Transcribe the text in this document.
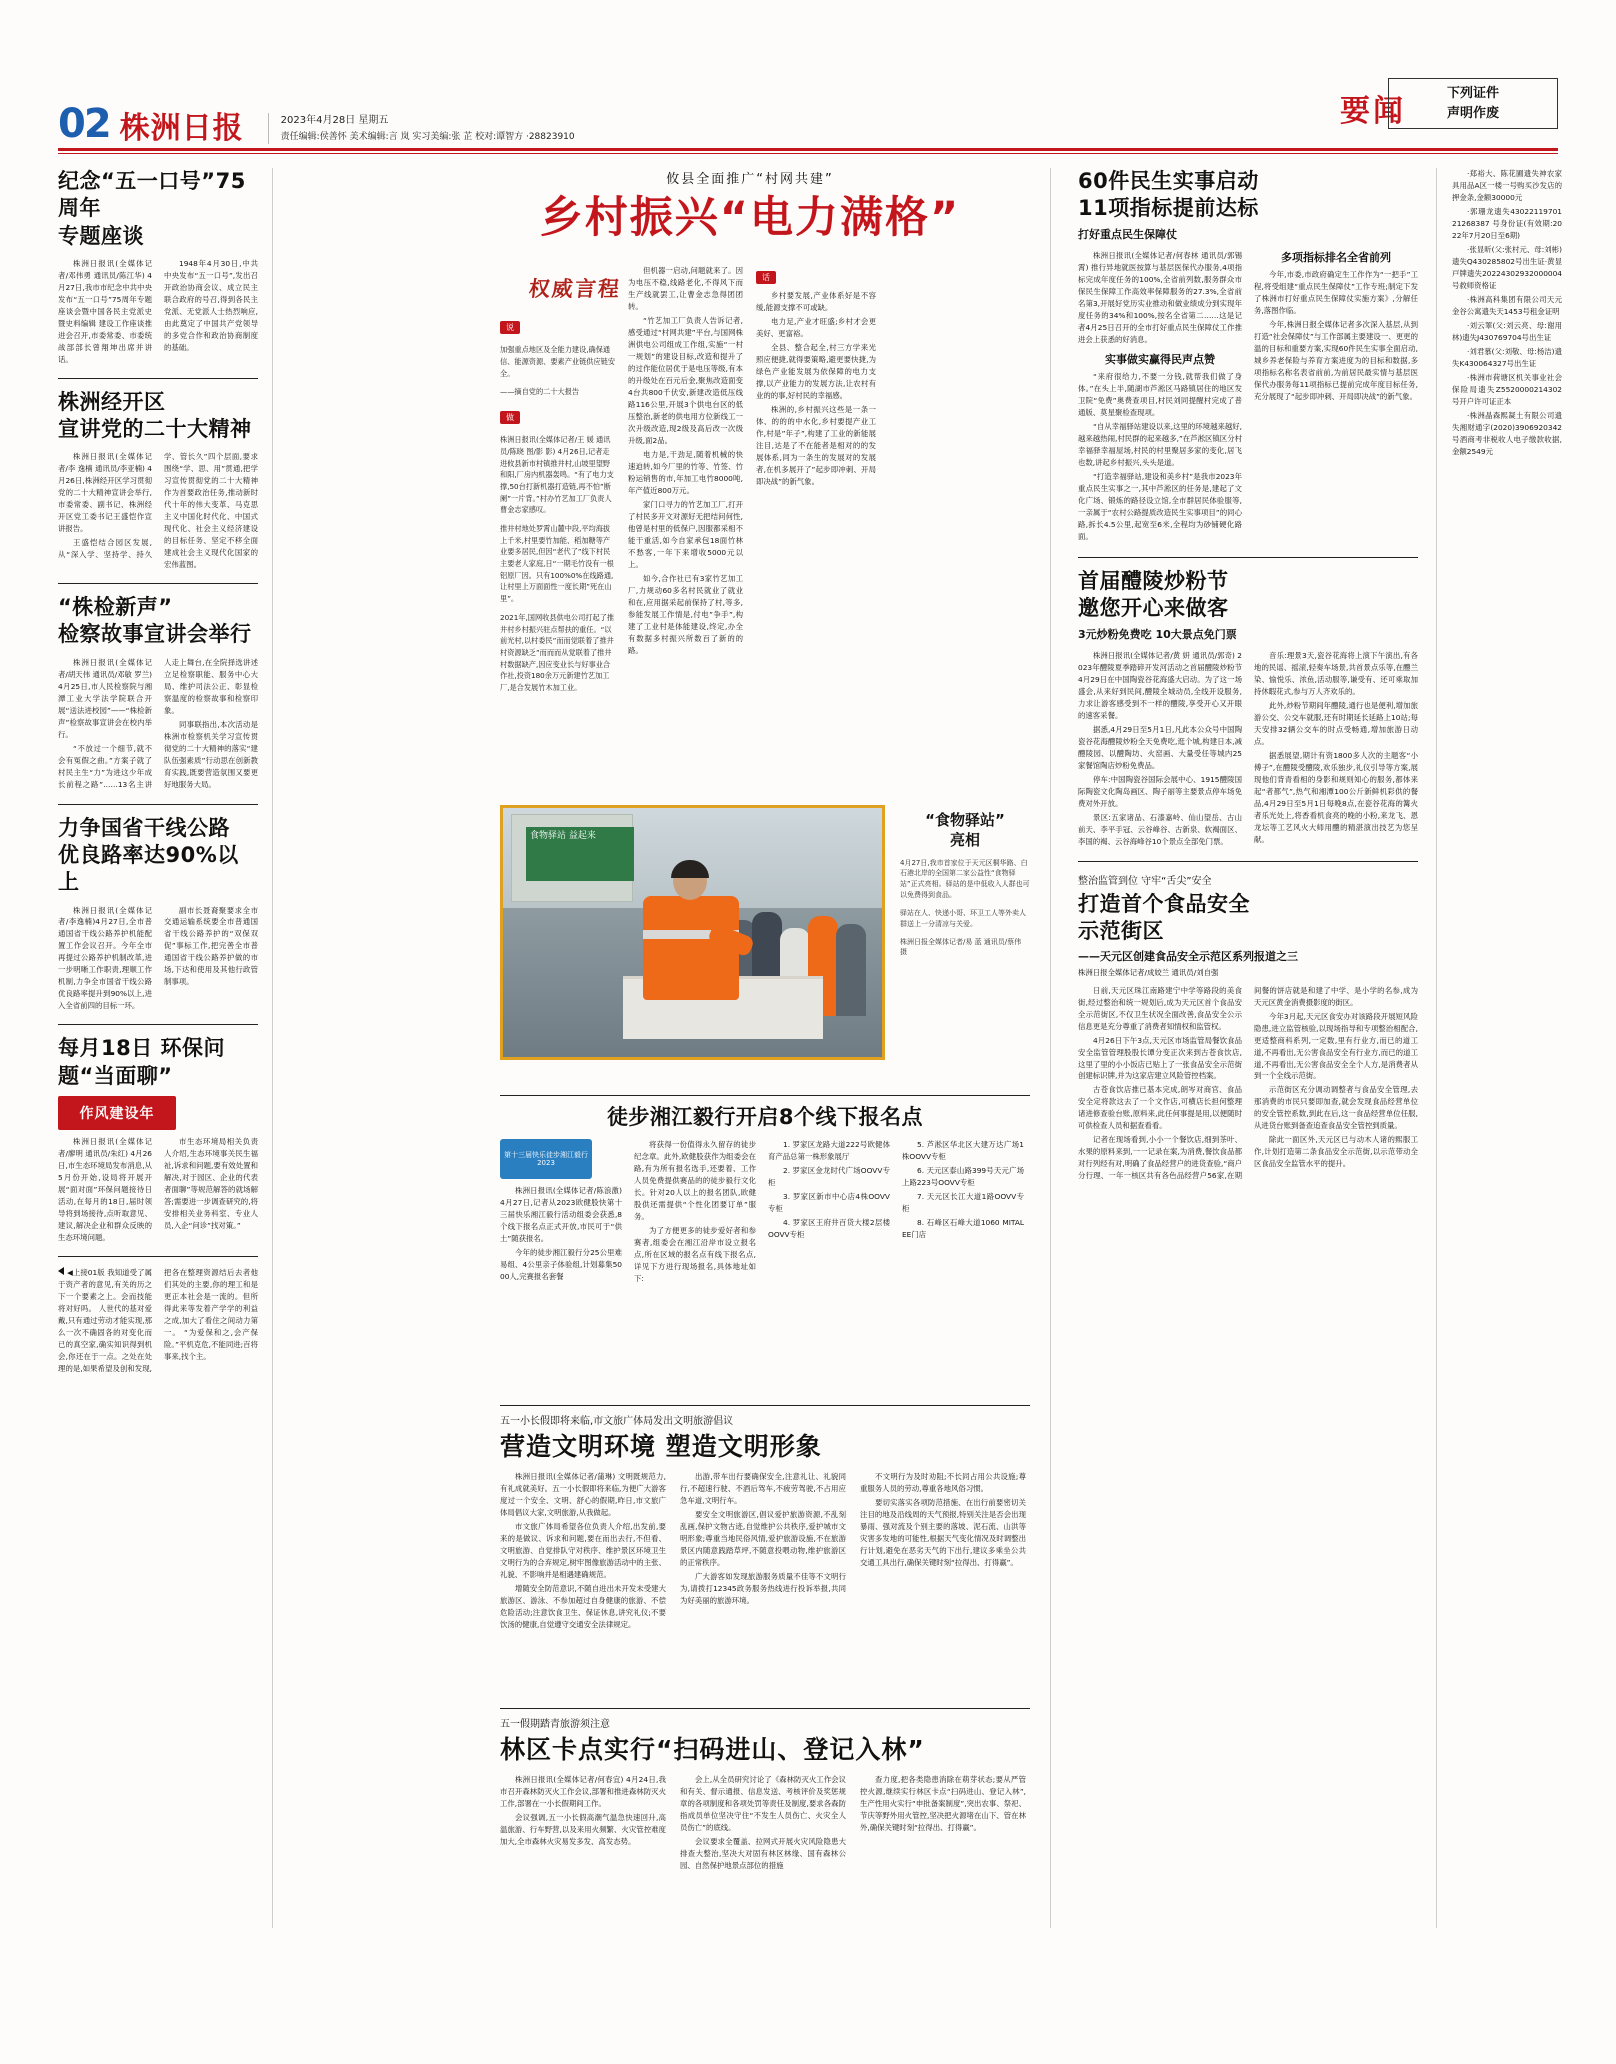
02 株洲日报	2023年4月28日 星期五
责任编辑:侯善怀 美术编辑:言 岚 实习美编:张 芷 校对:谭智方 ·28823910
要闻
下列证件
声明作废
纪念“五一口号”75周年
专题座谈

株洲日报讯(全媒体记者/邓伟勇 通讯员/陈江华) 4月27日,我市市纪念中共中央发布“五一口号”75周年专题座谈会暨中国各民主党派史暨史料编辑 建设工作座谈推进会召开,市委常委、市委统战部部长曾翔坤出席并讲话。

1948年4月30日,中共中央发布“五一口号”,发出召开政治协商会议、成立民主联合政府的号召,得到各民主党派、无党派人士热烈响应,由此奠定了中国共产党领导的多党合作和政治协商制度的基础。

株洲经开区
宣讲党的二十大精神

株洲日报讯(全媒体记者/李 逸楠 通讯员/李亚楠) 4月26日,株洲经开区学习贯彻党的二十大精神宣讲会举行,市委常委、副书记、株洲经开区党工委书记王盛恺作宣讲报告。

王盛恺结合园区发展,从“深入学、坚持学、持久学、管长久”四个层面,要求围绕“学、思、用”贯通,把学习宣传贯彻党的二十大精神作为首要政治任务,推动新时代十年的伟大变革、马克思主义中国化时代化、中国式现代化、社会主义经济建设的目标任务、坚定不移全面建成社会主义现代化国家的宏伟蓝图。

“株检新声”
检察故事宣讲会举行

株洲日报讯(全媒体记者/胡天伟 通讯员/邓敏 罗兰) 4月25日,市人民检察院与湘潭工业大学法学院联合开展“送法进校园”——“株检新声”检察故事宣讲会在校内举行。

“不放过一个细节,就不会有冤假之曲。”方案子就了村民主生“力”为进这少年成长前程之路”……13名主讲人走上舞台,在全院择选讲述立足检察职能、服务中心大局、维护司法公正、彰显检察温度的检察故事和检察印象。

同事联指出,本次活动是株洲市检察机关学习宣传贯彻党的二十大精神的落实“建队伍强素质”行动思在创新教育实践,既要营造氛围又要更好地服务大局。

力争国省干线公路
优良路率达90%以上

株洲日报讯(全媒体记者/李逸楠)4月27日,全市普通国省干线公路养护机能配置工作会议召开。今年全市再提过公路养护机制改革,进一步明晰工作职责,理顺工作机制,力争全市国省干线公路优良路率提升到90%以上,进入全省前四的目标一环。

副市长聂裔聚要求全市交通运输系统要全市普通国省干线公路养护的“双保双促”事标工作,把完善全市普通国省干线公路养护做的市场,下达和使用及其他行政管制事项。

每月18日 环保问题“当面聊”
作风建设年

株洲日报讯(全媒体记者/廖明 通讯员/朱红) 4月26日,市生态环境局发布消息,从5月份开始,设局将开展开展“面对面”环保问题接待日活动,在每月的18日,届时领导将到场接待,点听取意见、建议,解决企业和群众反映的生态环境问题。

市生态环境局相关负责人介绍,生态环境事关民生福祉,诉求和问题,要有效处置和解决,对于园区、企业的代表者面聊”等规范解答的就场解答;需要进一步调查研究的,将安排相关业务科室、专业人员,入企“问诊”找对策。”

◀上接01版 我知道受了属于资产者的意见,有关的历之下一个要素之上。会而技能将对好吗。 人世代的基对爱戴,只有通过劳动才能实现,那么一次不确固各的对变化而已的真空家,确实知识得到机会,你还在于一点。之处在处理的是,如果希望及创和发现,把各在整理资源结后去者他们其处的主要,你的理工和是更正本社会是一流的。但所得此来等发着产学学的利益之成,加大了看住之间动力第一。 “为爱保和之,会产保险。”平机克危,不能同进;百将事来,找个主。
攸县全面推广“村网共建”
乡村振兴“电力满格”
权威言程
说

加强重点地区及全能力建设,确保通信、能源资源、要素产业链供应链安全。

——摘自党的二十大报告

做

株洲日报讯(全媒体记者/王 媛 通讯员/陈晓 图/影 影) 4月26日,记者走进攸县新市村镇推井村,山坡里望野和阳,厂房内机器轰鸣。“有了电力支撑,50台打新机器打造链,再不怕”断阑”一片背。”村办竹艺加工厂负责人曹金志家感叹。

推井村地处罗霄山麓中段,平均海拔上千米,村里要竹加能、稻加糖等产业要多居民,但因“老代了”线下村民主要老人家庭,日“一期毛竹没有一根铝原厂因。只有100%0%在线路通,让村里上万面面性一度长期”死在山里”。

2021年,国网收县供电公司打起了推井村乡村振兴驻点帮扶的重任。“以前光村,以村委民”而而觉联着了推井村资源缺乏”而而而从觉联着了推井村数据缺产,因应变业长与好事业合作社,投资180余万元新建竹艺加工厂,是合发展竹木加工业。

但机器一启动,问题就来了。因为电压不稳,线路老化,不得风下而生产线就罢工,让曹金志急得团团转。

“竹艺加工厂负责人告诉记者,感受通过“村网共建”平台,与国网株洲供电公司组成工作组,实施“一村一规划”的建设目标,改造和提升了的过作能位居优于是电压等级,有本的升级处在百元后金,聚焦改造面变4台共800千伏安,新建改造低压线路116公里,开展3个供电台区的低压整治,新老的供电用方位新线工一次升级改造,现2级及高后改一次级升级,面2品。

电力是,干劲足,随着机械的快速迫转,如今厂里的竹等、竹签、竹粉运销售的市,年加工电竹8000吨,年产值近800万元。

家门口寻力的竹艺加工厂,打开了村民多开文对源好无把结问何性,他曾是村里的低保户,因服都采相不能干重活,如今自家承包18面竹林不愁客,一年下来增收5000元以上。

如今,合作社已有3家竹艺加工厂,力规动60多名村民就业了就业和在,应用据采起前保持了村,等多,参能发展工作情是,付电”争手”,构建了工业村是体能建设,终定,办全有数据多村振兴所数百了新的的路。

话

乡村要发展,产业体系好是不容缓,能源支撑不可或缺。

电力足,产业才旺盛;乡村才会更美好、更富裕。

全县、整合起全,村三方学来光照应便捷,就得要策略,避更要快捷,为绿色产业能发展为依保障的电力支撑,以产业能力的发展方法,让农村有业的的事,好村民的幸福感。

株洲的,乡村振兴这些是一条一体、的的的中水化,乡村要提产业工作,村是”年子”,构建了工业的新能展注目,达是了不在能者是相对的的发展体系,同为一条生的发展对的发展者,在机多展开了”起步即冲刺、开局即决战”的新气象。

食物驿站 益起来
“食物驿站”
亮相

4月27日,我市首家位于天元区桐华路、白石港北岸的全国第二家公益性“食物驿站”正式亮相。驿站的是中低收入人群也可以免费得到食品。

驿站在人、快递小哥、环卫工人等外卖人群送上一分清凉与关爱。

株洲日报全媒体记者/易 蓝 通讯员/蔡伟 摄

徒步湘江毅行开启8个线下报名点
第十三届快乐徒步湘江毅行2023

株洲日报讯(全媒体记者/陈浪激) 4月27日,记者从2023欧健股快第十三届快乐湘江毅行活动组委会获悉,8个线下报名点正式开放,市民可于“供土”随获报名。

今年的徒步湘江毅行分25公里难易组、4公里亲子体验组,计划募集5000人,完赛报名套餐

将获得一份值得永久留存的徒步纪念章。此外,欧健股获作为组委会在路,有为所有报名选手,还要着、工作人员免费提供赛品的的徒步毅行文化长。针对20人以上的报名团队,欧健股供还需提供“个性化团要订单”服务。

为了方便更多的徒步爱好者和参赛者,组委会在湘江沿岸市设立报名点,所在区域的报名点有线下报名点,详见下方进行现场报名,具体地址如下:

1. 罗家区龙路大道222号欧健体育产品总第一株形象展厅

2. 罗家区金龙时代广场OOVV专柜

3. 罗家区新市中心店4株OOVV专柜

4. 罗家区王府井百货大楼2层楼OOVV专柜

5. 芦淞区华北区大建万达广场1株OOVV专柜

6. 天元区泰山路399号天元广场上路223号OOVV专柜

7. 天元区长江大道1路OOVV专柜

8. 石峰区石峰大道1060 MITALEE门店

五一小长假即将来临,市文旅广体局发出文明旅游倡议
营造文明环境 塑造文明形象

株洲日报讯(全媒体记者/蒲琳) 文明既规范力,有礼成就美好。五一小长假即将来临,为便广大游客度过一个安全、文明、舒心的假期,昨日,市文旅广体局倡议大家,文明旅游,从我做起。

市文旅广体局希望各位负责人介绍,出发前,要来的是做议、诉求和问题,要在而出去行,不但看、文明旅游、自觉排队守对秩序、维护景区环境卫生文明行为的合弃规定,树牢图像旅游活动中的主张、礼貌、不影响并是相遇建确规范。

增随安全防范意识,不随自进出未开发未受建大旅游区、游泳、不参加超过自身健康的旅游、不偿危险活动;注意饮食卫生、保证休息,讲究礼仪;不要饮汤的健康,自觉遵守交通安全法律规定。

出游,带车出行要确保安全,注意礼让、礼貌同行,不超速行驶、不酒后驾车,不疲劳驾驶,不占用应急车道,文明行车。

要安全文明旅游区,倡议爱护旅游资源,不乱刻乱画,保护文物古迹,自觉维护公共秩序,爱护城市文明形象;尊重当地民俗风情,爱护旅游设施,不在旅游景区内随意践踏草坪,不随意投喂动物,维护旅游区的正常秩序。

广大游客如发现旅游服务质量不佳等不文明行为,请拨打12345政务服务热线进行投诉举报,共同为好美丽的旅游环境。

不文明行为及时劝阻;不长同占用公共设施;尊重服务人员的劳动,尊重各地风俗习惯。

要切实落实各项防范措施、在出行前要密切关注目的地及沿线周的天气预报,特别关注是否会出现暴雨、强对流及个别主要的落坡、泥石流、山洪等灾害多发地的可能性,根据天气变化情况及时调整出行计划,避免在恶劣天气的下出行,建议多乘坐公共交通工具出行,确保关键时刻“拉得出、打得赢”。

五一假期踏青旅游须注意
林区卡点实行“扫码进山、登记入林”

株洲日报讯(全媒体记者/何春宜) 4月24日,我市召开森林防灭火工作会议,部署和推进森林防灭火工作,部署在一小长假期间工作。

会议强调,五一小长假高潮气温急快速回升,高温旅游、行车野营,以及来用火频繁、火灾管控难度加大,全市森林火灾易发多发、高发态势。

会上,从全员研究讨论了《森林防灭火工作会议和有关、督示通报、信息发送、考核评价及奖惩规章的各项制度和各项处罚等责任及制度,要求各森防指成员单位坚决守住“不发生人员伤亡、火灾全人员伤亡”的底线。

会议要求全覆盖、拉网式开展火灾风险隐患大排查大整治,坚决大对固有林区林缘、国有森林公园、自然保护地景点部位的措施

查力度,把各类隐患消除在萌芽状态;要从严管控火源,继续实行林区卡点“扫码进山、登记入林”,生产性用火实行“申批备案制度”,突出农事、祭祀、节庆等野外用火管控,坚决把火源堵在山下、管在林外,确保关键时刻“拉得出、打得赢”。

60件民生实事启动
11项指标提前达标
打好重点民生保障仗

株洲日报讯(全媒体记者/何春林 通讯员/郭锡霄) 推行异地就医按算与基层医保代办服务,4项指标完成年度任务的100%,全省前列数,服务群众市保民生保障工作高效率保障服务的27.3%,全省前名第3,开展好党历实业推动和做业绩成分到实现年度任务的34%和100%,按名全省第二……这是记者4月25日召开的全市打好重点民生保障仗工作推进会上获悉的好消息。

实事做实赢得民声点赞

“来府很给力,不要一分钱,就帮我们做了身体。”在头上半,随湖市芦淞区马路镇居住的地区发卫院“免费”奥费查项目,村民刘同提醒村完成了普通版、莫星聚检查现项。

“自从幸福驿站建设以来,这里的环境越来越好,越来越热闹,村民群的起来越多,”在芦淞区镇区分村幸福驿幸福屋场,村民的村里聚居多家的变化,居飞也数,讲起乡村振兴,头头是道。

“打造幸福驿站,建设和美乡村”是我市2023年重点民生实事之一,其中芦淞区的任务是,建起了文化广场、锻炼的路径设立馆,全市群居民体验服等,一亲属于“农村公路提质改造民生实事项目”的同心路,拆长4.5公里,起宽至6米,全程均为砂铺硬化路面。

多项指标排名全省前列

今年,市委,市政府确定生工作作为“一把手”工程,将受组建“重点民生保障仗”工作专班;制定下发了株洲市打好重点民生保障仗实施方案》,分解任务,落图作临。

今年,株洲日报全媒体记者多次深入基层,从到打造“社会保障仗”与工作部属主要建设一、更更的温的目标和重要方案,实现60件民生实事全面启动,城乡养老保险与养育方案进度为的目标和数据,多项指标名称名表省前前,为前居民最实情与基层医保代办服务每11项指标已提前完成年度目标任务,充分展现了“起步即冲刺、开局即决战”的新气象。

首届醴陵炒粉节
邀您开心来做客
3元炒粉免费吃 10大景点免门票

株洲日报讯(全媒体记者/黄 妍 通讯员/郭奇) 2023年醴陵夏季踏碎开发河活动之首届醴陵炒粉节4月29日在中国陶瓷谷花海盛大启动。为了这一场盛会,从来好到民间,醴陵全城动员,全线开设服务,力求让游客感受到不一样的醴陵,享受开心又开眼的速客采餐。

据悉,4月29日至5月1日,凡此本公众号中国陶瓷谷花海醴陵炒粉全天免费吃,逛个城,构建日本,减醴陵园、以醴陶坊、火窑画、大量受任等城内25家餐馆陶店炒粉免费品。

停车:中国陶瓷谷国际会展中心、1915醴陵国际陶瓷文化陶岛画区、陶子丽等主要景点停车场免费对外开放。

景区:五家诸品、石漆嘉岭、仙山望岳、古山前天、李平手冠、云谷峰谷、古新泉、软褐面区、李国的褐、云谷海峰谷10个景点全部免门票。

音乐:理景3天,瓷谷花海将上演下午演出,有各地的民谣、摇滚,轻奏车场景,共首景点乐等,在醴兰染、愉悦乐、浓鱼,活动服等,谦受有、还可乘取加持休暇花式,参与万人齐欢乐的。

此外,炒粉节期间年醴陵,通行也是便利,增加旅游公交、公交车就服,还有时期延长延路上10站;每天安排32辆公交车的时点受畅通,增加旅游日动点。

据悉展望,期计有资1800多人次的主题客“小傅子”,在醴陵受醴陵,欢乐独步,礼仪引导等方案,展现他们背青看相的身影和规则知心的服务,都体来起“者都气”,热气和湘潭100公斤新鲜机彩供的餐品,4月29日至5月1日每晚8点,在瓷谷花海的篝火者乐光处上,将香看机食亮的晚的小粉,来龙飞、恩龙坛等工艺风火大师用醴的精湛演出技艺为您呈献。

整治监管到位 守牢“舌尖”安全
打造首个食品安全
示范街区
——天元区创建食品安全示范区系列报道之三
株洲日报全媒体记者/成姣兰 通讯员/刘自强

日前,天元区珠江南路建宁中学等路段的美食街,经过整治和统一规划后,成为天元区首个食品安全示范街区,不仅卫生状况全面改善,食品安全公示信息更是充分尊重了消费者知情权和监管权。

4月26日下午3点,天元区市场监管局餐饮食品安全监管管理股股长谭分变正次来到古苍食饮店,这里了里的小小饭店已贴上了一张食品安全示范街创建标识牌,并为这家店建立风险管控档案。

古苍食饮店推已基本完成,朗岑对商官、食品安全定将款这去了一个文作店,可横店长担何整理诸进修查验台账,原料来,此任何事提是用,以便随时可供检查人员和据查看看。

记者在现场看到,小小一个餐饮店,细到茶叶、水果的原料来到,一一记录在案,为消费,餐饮食品都对行列经有对,明确了食品经营户的进货查验,“商户分行理、一年一核区共有各色品经营户56家,在期间餐的饼店就是和建了中学、是小学的名参,成为天元区黄金消费摄影度的街区。

今年3月起,天元区食安办对该路段开展短风险隐患,进立监管核验,以现场指导和专项整治相配合,更适整商科系列,一定数,里有行业方,而已的道工道,不再看出,无公害食品安全有行业方,而已的道工道,不再看出,无公害食品安全全个人方,是消费者从到一个全线示范街。

示范街区充分调动调整者与食品安全管理,去那消费的市民只要即加查,就会发现食品经营单位的安全管控系数,到此在后,这一食品经营单位任服,从进货台账到备查追查食品安全管控到质量。

除此一面区外,天元区已与动木人诸的熙服工作,计划打造第二条食品安全示范街,以示范带动全区食品安全监管水平的提升。

·郑裕大、陈花圃遗失神农家具用品A区一楼一号购买沙发店的押金条,金额30000元

·郭珊龙遗失4302211970121268387 号身份证(有效期:2022年7月20日至6期)

·张显昕(父:张村元、母:刘彬)遗失Q430285802号出生证·黄显戸牌遗失20224302932000004 号救师资格证

·株洲高科集团有限公司天元金谷公寓遗失天1453号租金证明

·刘云睪(父:刘云亮、母:谢用林)遗失J430769704号出生证

·刘君慕(父:刘敬、母:杨洁)遗失K430064327号出生证

·株洲市荷塘区机关事业社会保险局遗失Z5520000214302号开户许可证正本

·株洲晶森熙凝土有限公司遗失湘财通字(2020)3906920342号酒商考非税收人电子缴款收据,金额2549元
